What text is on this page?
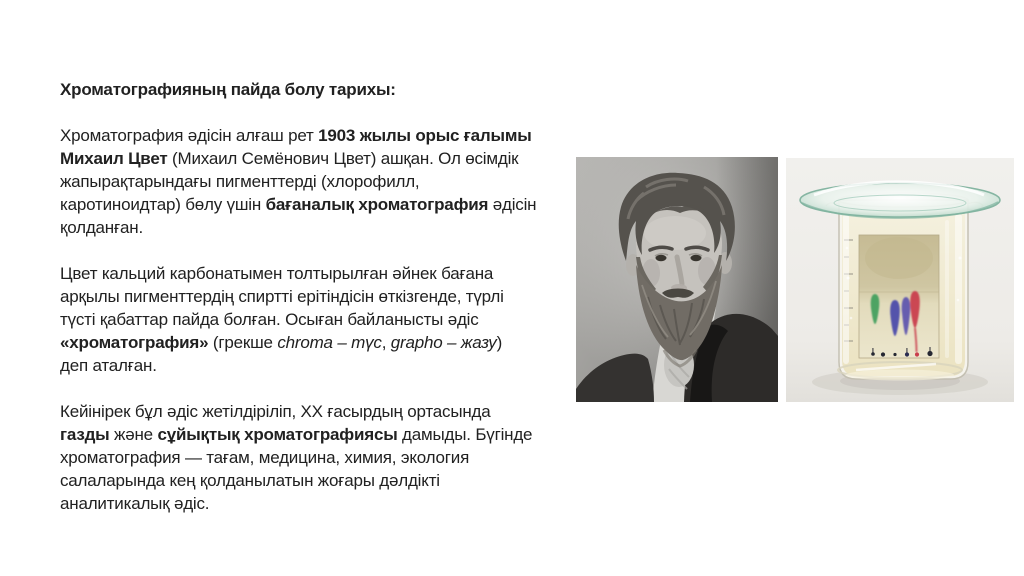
Хроматографияның пайда болу тарихы:
Хроматография әдісін алғаш рет 1903 жылы орыс ғалымы
Михаил Цвет (Михаил Семёнович Цвет) ашқан. Ол өсімдік
жапырақтарындағы пигменттерді (хлорофилл,
каротиноидтар) бөлу үшін бағаналық хроматография әдісін
қолданған.
Цвет кальций карбонатымен толтырылған әйнек бағана
арқылы пигменттердің спиртті ерітіндісін өткізгенде, түрлі
түсті қабаттар пайда болған. Осыған байланысты әдіс
«хроматография» (грекше chroma – түс, grapho – жазу)
деп аталған.
Кейінірек бұл әдіс жетілдіріліп, XX ғасырдың ортасында
газды және сұйықтық хроматографиясы дамыды. Бүгінде
хроматография — тағам, медицина, химия, экология
салаларында кең қолданылатын жоғары дәлдікті
аналитикалық әдіс.
